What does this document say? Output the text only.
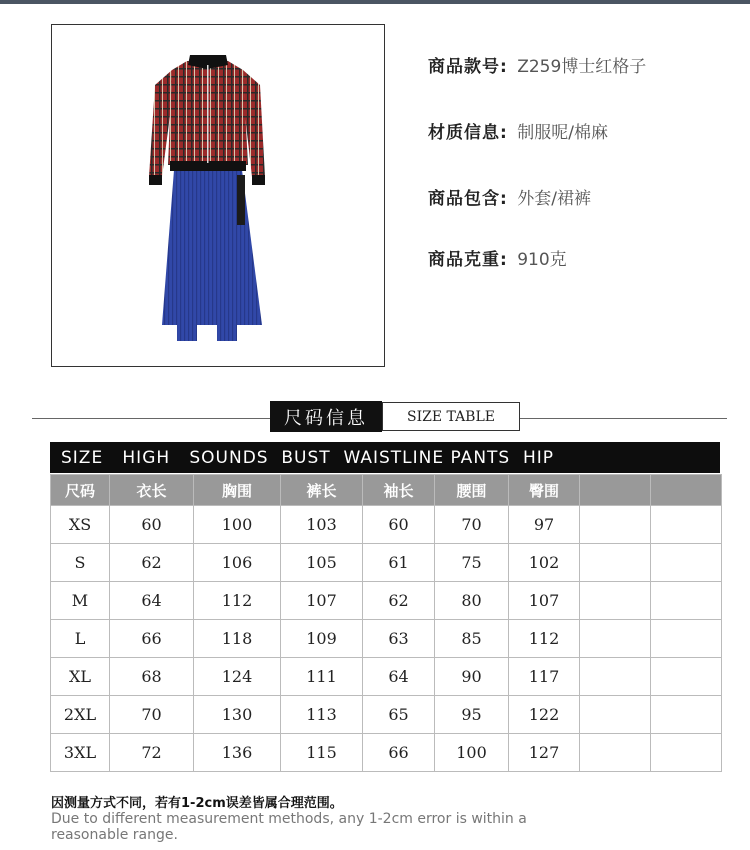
商品款号: Z259博士红格子
材质信息: 制服呢/棉麻
商品包含: 外套/裙裤
商品克重: 910克
尺码信息	SIZE TABLE
SIZE   HIGH   SOUNDS  BUST  WAISTLINE PANTS  HIP
尺码	衣长	胸围	裤长	袖长	腰围	臀围		
XS	60	100	103	60	70	97		
S	62	106	105	61	75	102		
M	64	112	107	62	80	107		
L	66	118	109	63	85	112		
XL	68	124	111	64	90	117		
2XL	70	130	113	65	95	122		
3XL	72	136	115	66	100	127		
因测量方式不同，若有1-2cm误差皆属合理范围。
Due to different measurement methods, any 1-2cm error is within a reasonable range.
